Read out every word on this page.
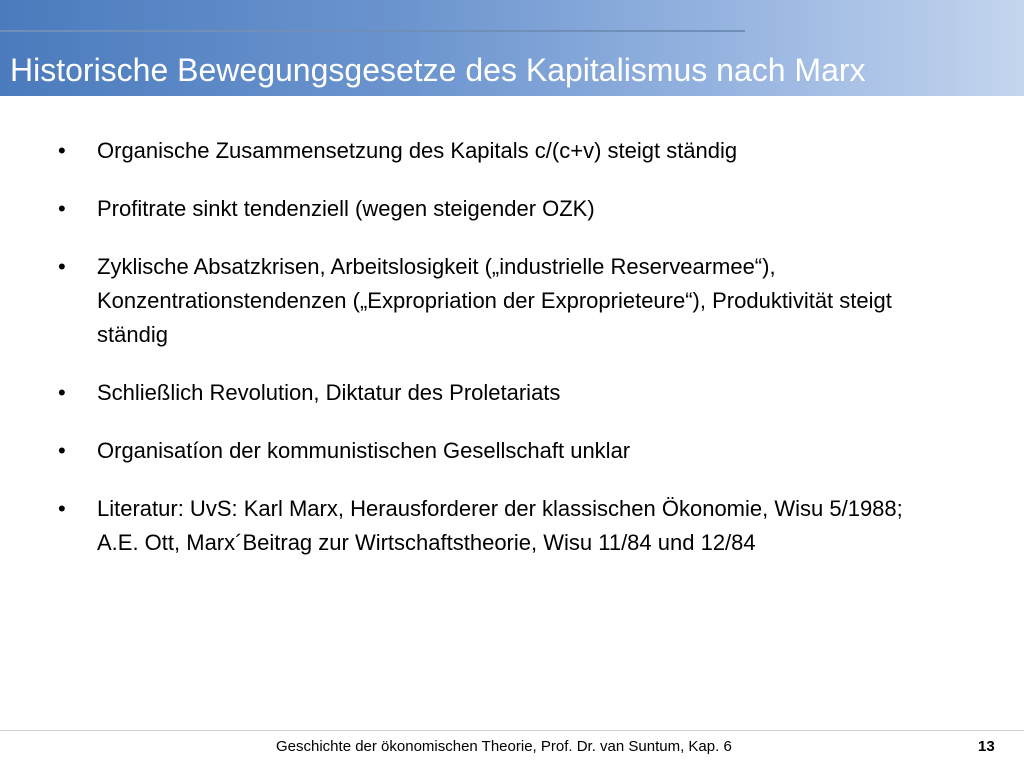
Historische Bewegungsgesetze des Kapitalismus nach Marx
•	Organische Zusammensetzung des Kapitals c/(c+v) steigt ständig
•	Profitrate sinkt tendenziell (wegen steigender OZK)
•	Zyklische Absatzkrisen, Arbeitslosigkeit („industrielle Reservearmee“), Konzentrationstendenzen („Expropriation der Exproprieteure“), Produktivität steigt ständig
•	Schließlich Revolution, Diktatur des Proletariats
•	Organisatíon der kommunistischen Gesellschaft unklar
•	Literatur: UvS: Karl Marx, Herausforderer der klassischen Ökonomie, Wisu 5/1988; A.E. Ott, Marx´Beitrag zur Wirtschaftstheorie, Wisu 11/84 und 12/84
Geschichte der ökonomischen Theorie, Prof. Dr. van Suntum, Kap. 6	13
